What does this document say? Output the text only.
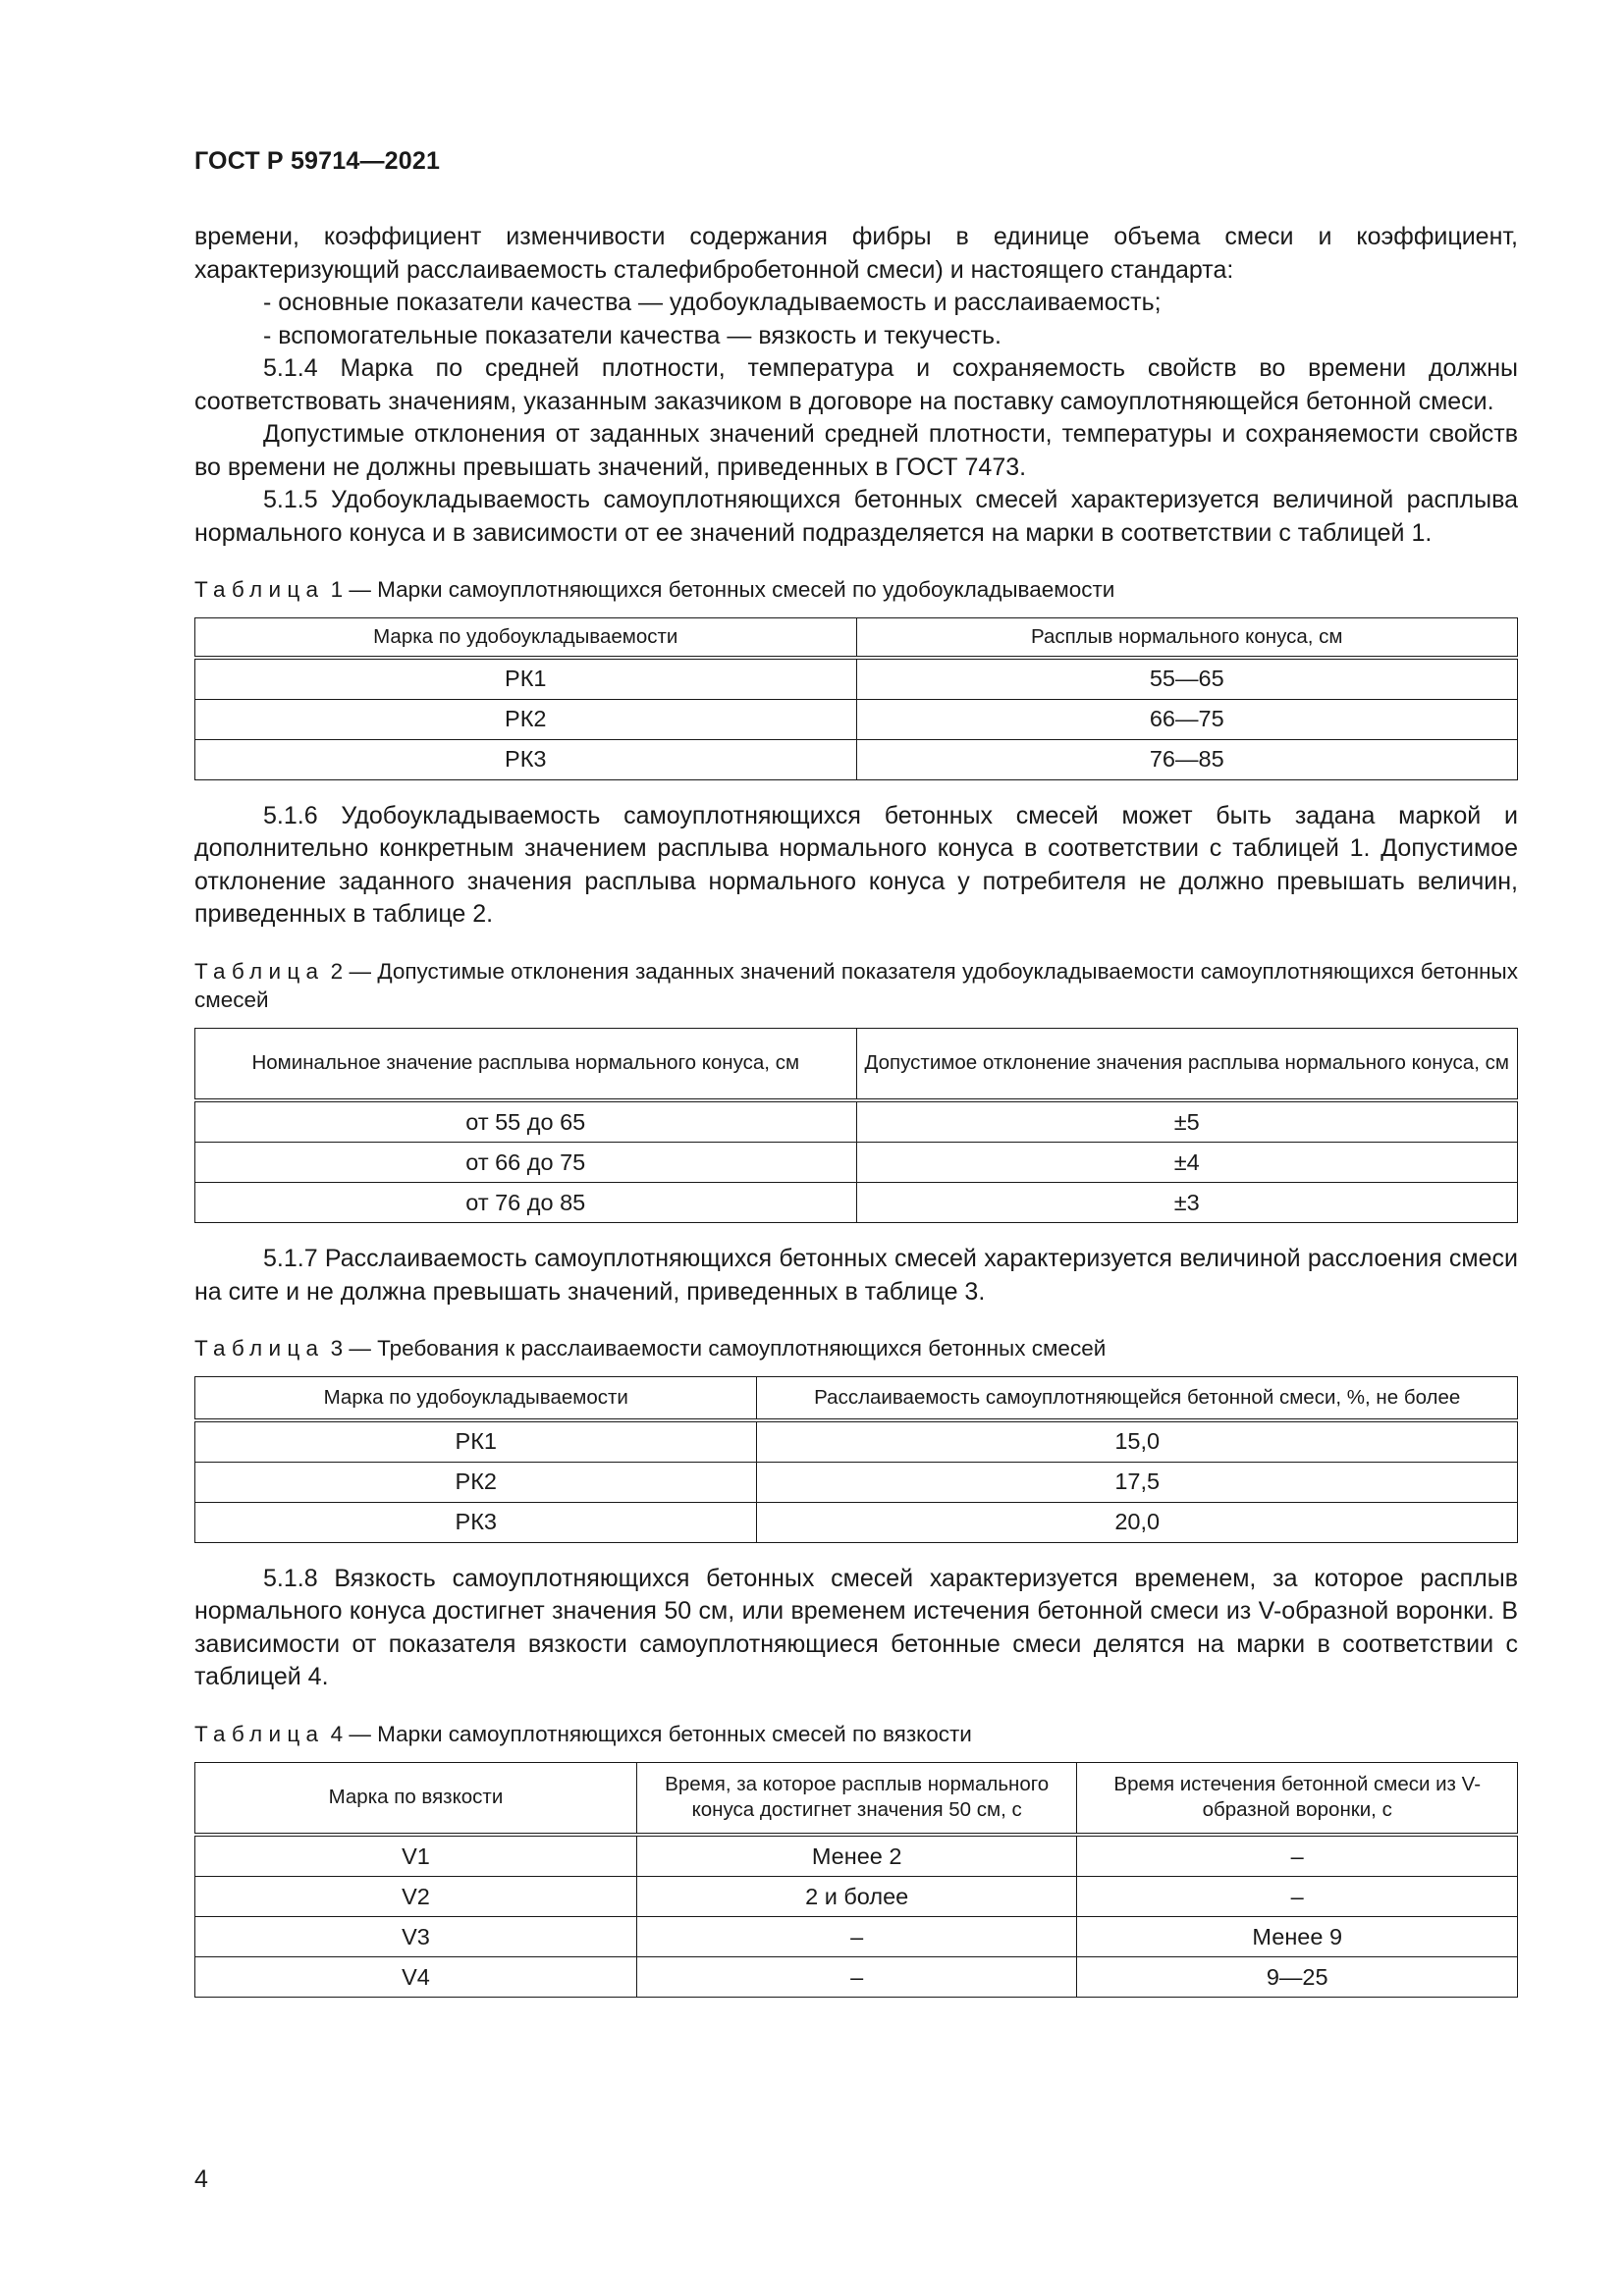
ГОСТ Р 59714—2021

времени, коэффициент изменчивости содержания фибры в единице объема смеси и коэффициент, характеризующий расслаиваемость сталефибробетонной смеси) и настоящего стандарта:

- основные показатели качества — удобоукладываемость и расслаиваемость;

- вспомогательные показатели качества — вязкость и текучесть.

5.1.4 Марка по средней плотности, температура и сохраняемость свойств во времени должны соответствовать значениям, указанным заказчиком в договоре на поставку самоуплотняющейся бетонной смеси.

Допустимые отклонения от заданных значений средней плотности, температуры и сохраняемости свойств во времени не должны превышать значений, приведенных в ГОСТ 7473.

5.1.5 Удобоукладываемость самоуплотняющихся бетонных смесей характеризуется величиной расплыва нормального конуса и в зависимости от ее значений подразделяется на марки в соответствии с таблицей 1.

Таблица 1 — Марки самоуплотняющихся бетонных смесей по удобоукладываемости
Марка по удобоукладываемости	Расплыв нормального конуса, см
РК1	55—65
РК2	66—75
РК3	76—85

5.1.6 Удобоукладываемость самоуплотняющихся бетонных смесей может быть задана маркой и дополнительно конкретным значением расплыва нормального конуса в соответствии с таблицей 1. Допустимое отклонение заданного значения расплыва нормального конуса у потребителя не должно превышать величин, приведенных в таблице 2.

Таблица 2 — Допустимые отклонения заданных значений показателя удобоукладываемости самоуплотняющихся бетонных смесей
Номинальное значение расплыва нормального конуса, см	Допустимое отклонение значения расплыва нормального конуса, см
от 55 до 65	±5
от 66 до 75	±4
от 76 до 85	±3

5.1.7 Расслаиваемость самоуплотняющихся бетонных смесей характеризуется величиной расслоения смеси на сите и не должна превышать значений, приведенных в таблице 3.

Таблица 3 — Требования к расслаиваемости самоуплотняющихся бетонных смесей
Марка по удобоукладываемости	Расслаиваемость самоуплотняющейся бетонной смеси, %, не более
РК1	15,0
РК2	17,5
РК3	20,0

5.1.8 Вязкость самоуплотняющихся бетонных смесей характеризуется временем, за которое расплыв нормального конуса достигнет значения 50 см, или временем истечения бетонной смеси из V-образной воронки. В зависимости от показателя вязкости самоуплотняющиеся бетонные смеси делятся на марки в соответствии с таблицей 4.

Таблица 4 — Марки самоуплотняющихся бетонных смесей по вязкости
Марка по вязкости	Время, за которое расплыв нормального конуса достигнет значения 50 см, с	Время истечения бетонной смеси из V-образной воронки, с
V1	Менее 2	–
V2	2 и более	–
V3	–	Менее 9
V4	–	9—25
4
